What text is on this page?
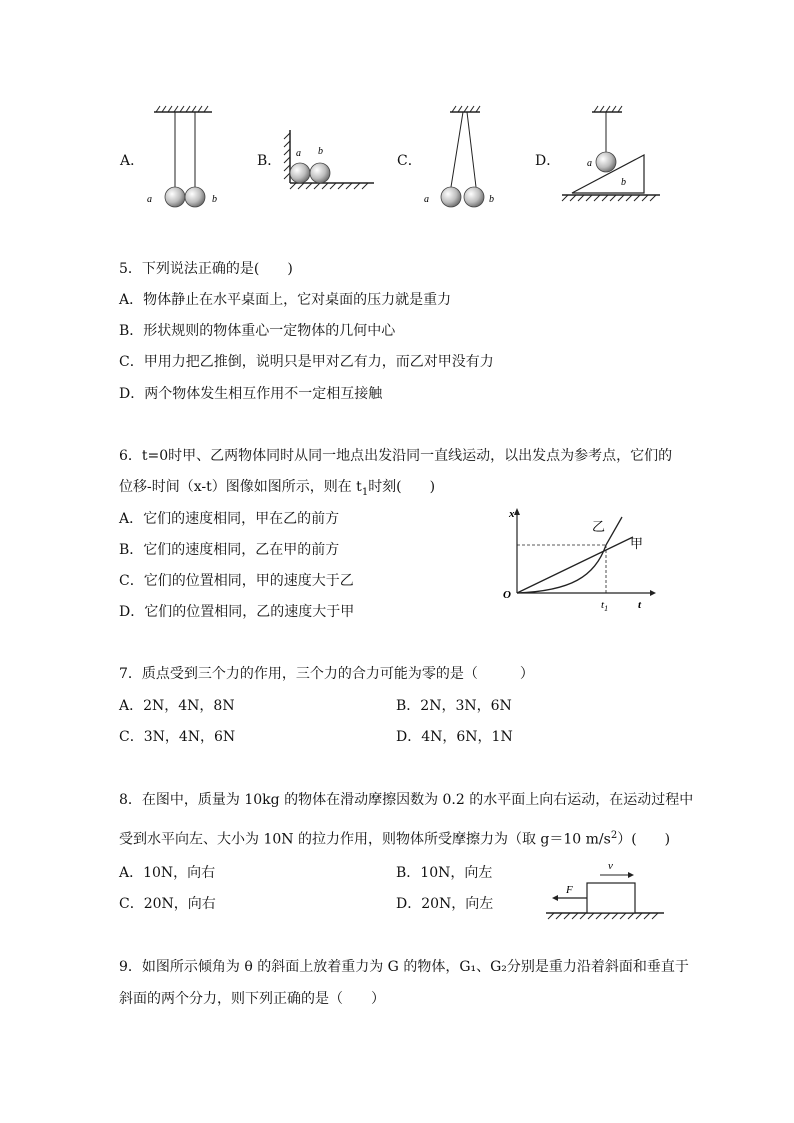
A．	B．	C．	D．
a	b
a b
a	b
a
b
5．下列说法正确的是(　　)
A．物体静止在水平桌面上，它对桌面的压力就是重力
B．形状规则的物体重心一定物体的几何中心
C．甲用力把乙推倒，说明只是甲对乙有力，而乙对甲没有力
D．两个物体发生相互作用不一定相互接触
6．t=0时甲、乙两物体同时从同一地点出发沿同一直线运动，以出发点为参考点，它们的
位移-时间（x-t）图像如图所示，则在 $t_1$时刻(　　)
A．它们的速度相同，甲在乙的前方
B．它们的速度相同，乙在甲的前方
C．它们的位置相同，甲的速度大于乙
D．它们的位置相同，乙的速度大于甲
x
t
O
乙
甲
$t_1$
7．质点受到三个力的作用，三个力的合力可能为零的是（　　　）
A．2N，4N，8N	B．2N，3N，6N
C．3N，4N，6N	D．4N，6N，1N
8．在图中，质量为 10kg 的物体在滑动摩擦因数为 0.2 的水平面上向右运动，在运动过程中
受到水平向左、大小为 10N 的拉力作用，则物体所受摩擦力为（取 g＝10 $m/s^2$）(　　)
A．10N，向右	B．10N，向左
C．20N，向右	D．20N，向左
F
v
9．如图所示倾角为 θ 的斜面上放着重力为 G 的物体，G₁、G₂分别是重力沿着斜面和垂直于
斜面的两个分力，则下列正确的是（　　）
